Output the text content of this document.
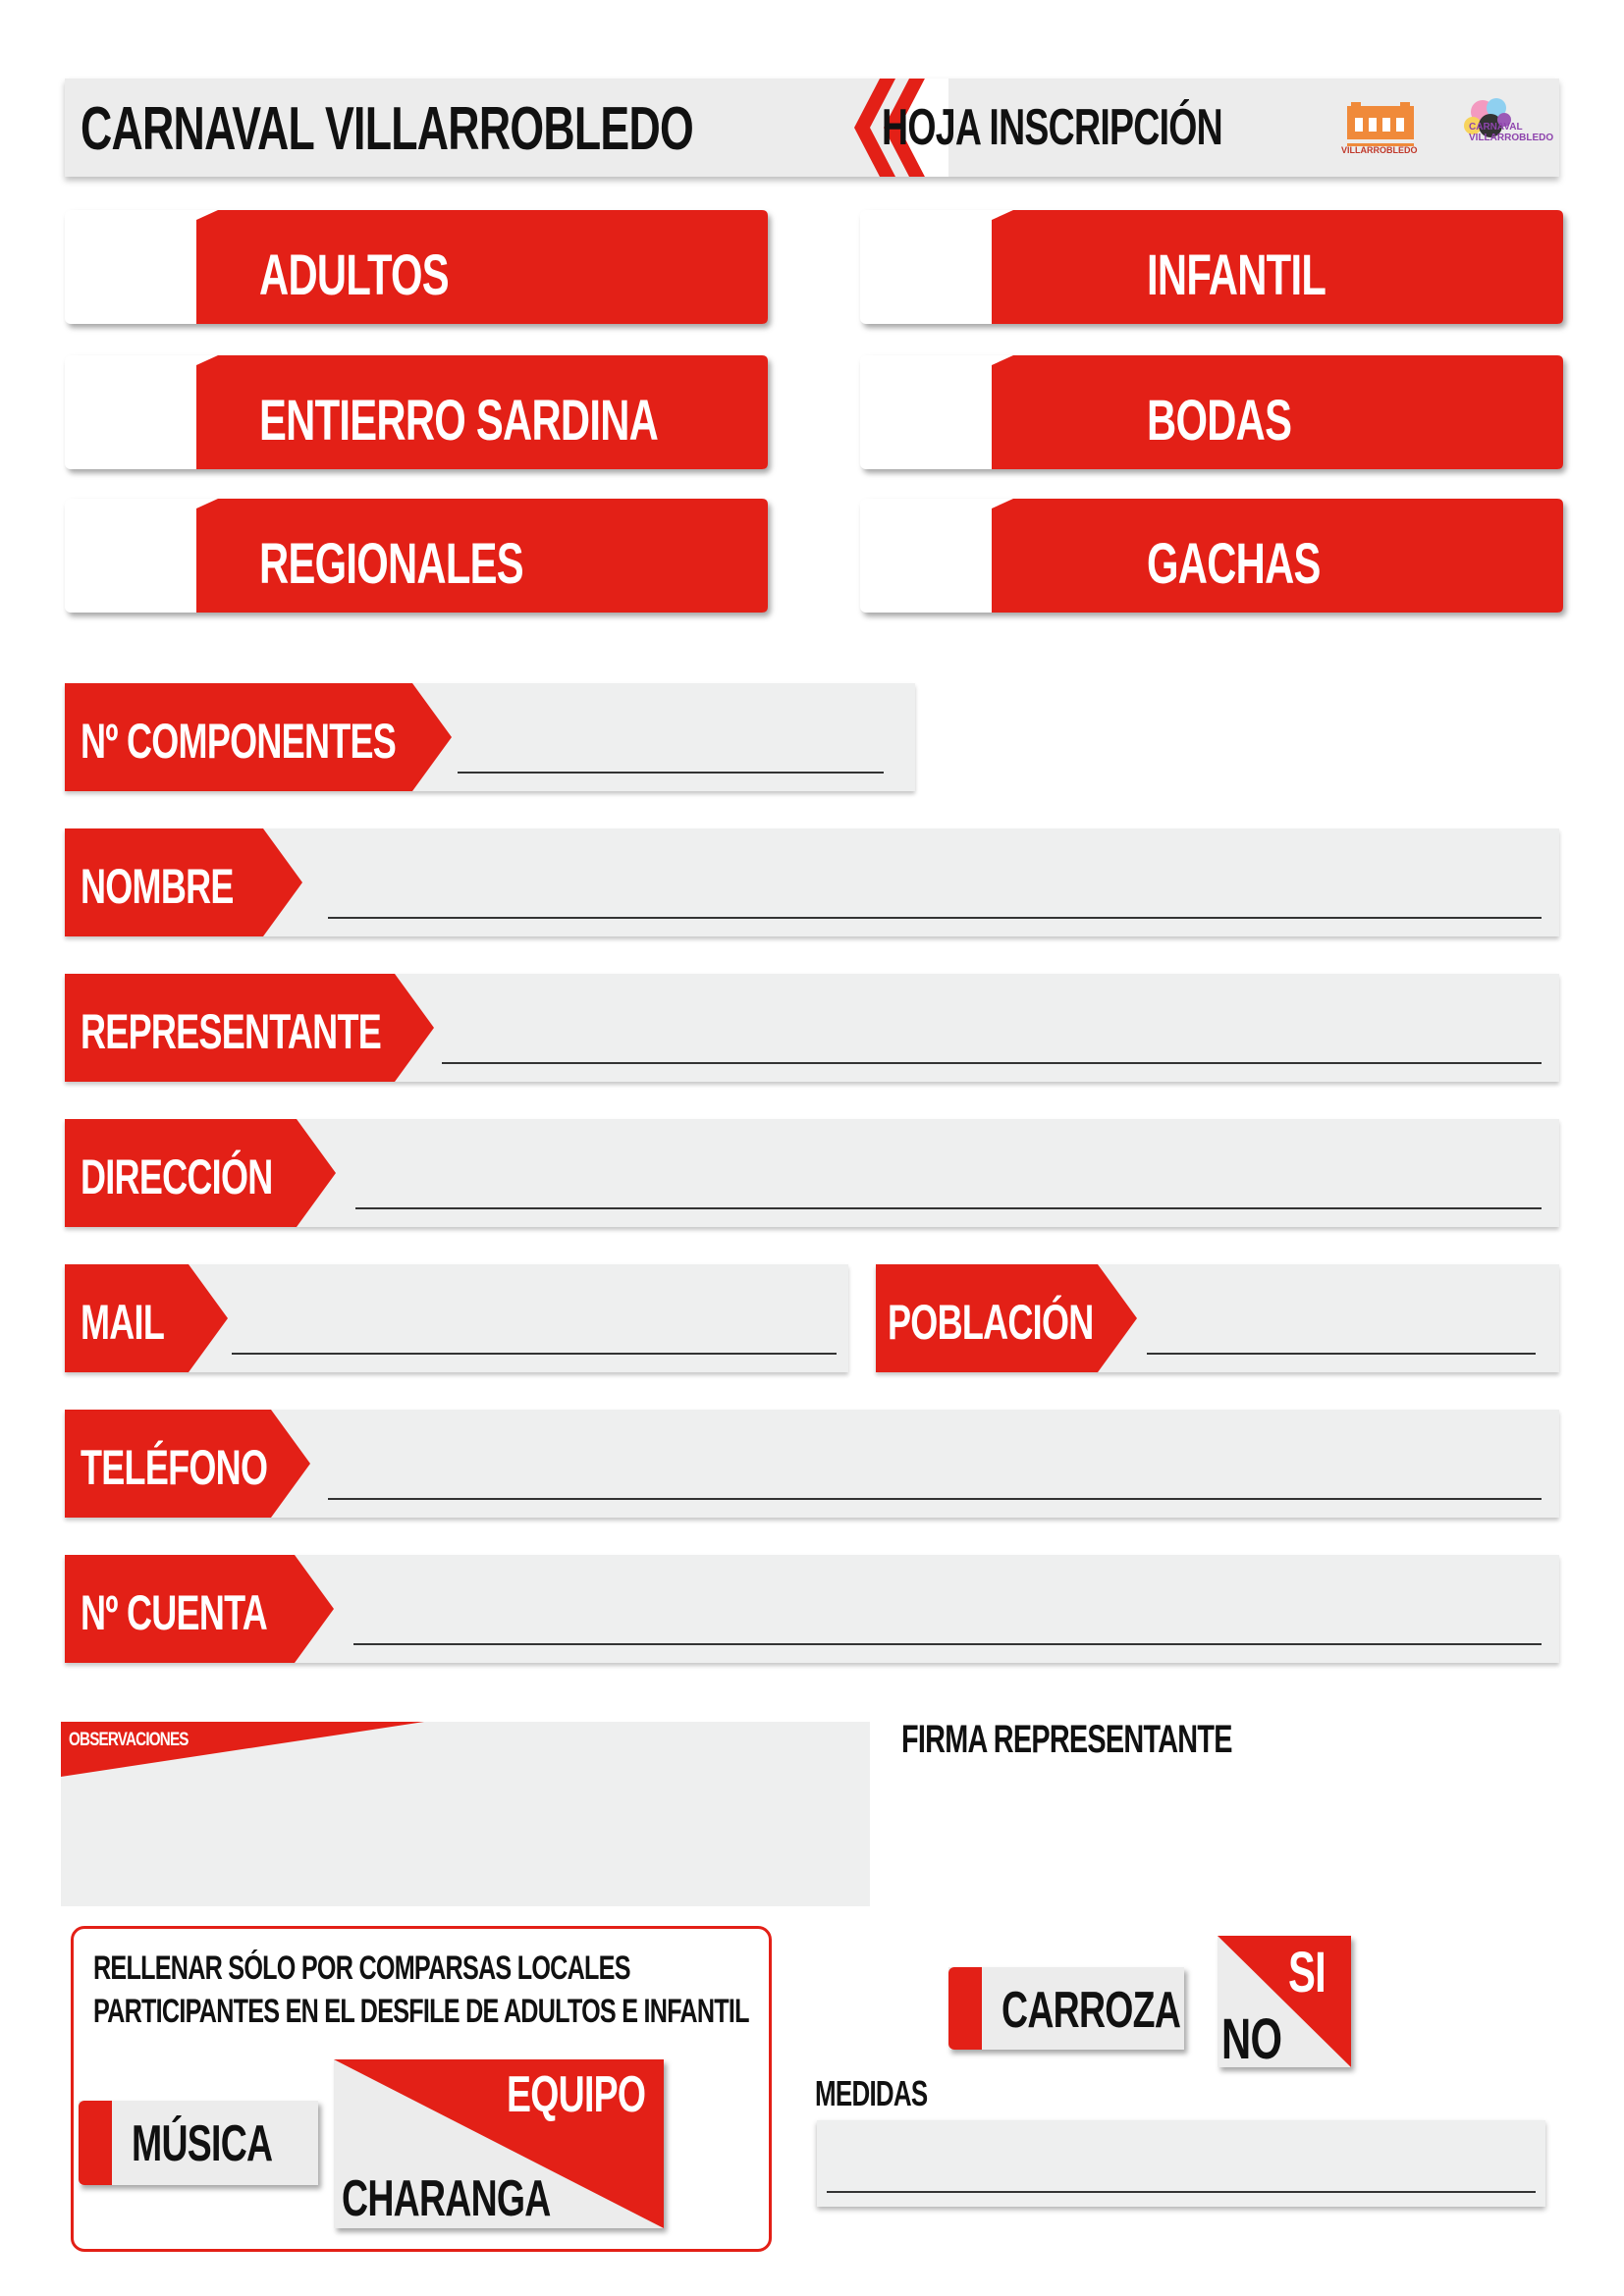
CARNAVAL VILLARROBLEDO	HOJA INSCRIPCIÓN	VILLARROBLEDO
CARNAVAL VILLARROBLEDO
ADULTOS	INFANTIL
ENTIERRO SARDINA	BODAS
REGIONALES	GACHAS
Nº COMPONENTES
NOMBRE
REPRESENTANTE
DIRECCIÓN
MAIL	POBLACIÓN
TELÉFONO
Nº CUENTA
OBSERVACIONES	FIRMA REPRESENTANTE
RELLENAR SÓLO POR COMPARSAS LOCALES
PARTICIPANTES EN EL DESFILE DE ADULTOS E INFANTIL
MÚSICA
EQUIPO
CHARANGA
CARROZA
SI
NO
MEDIDAS
